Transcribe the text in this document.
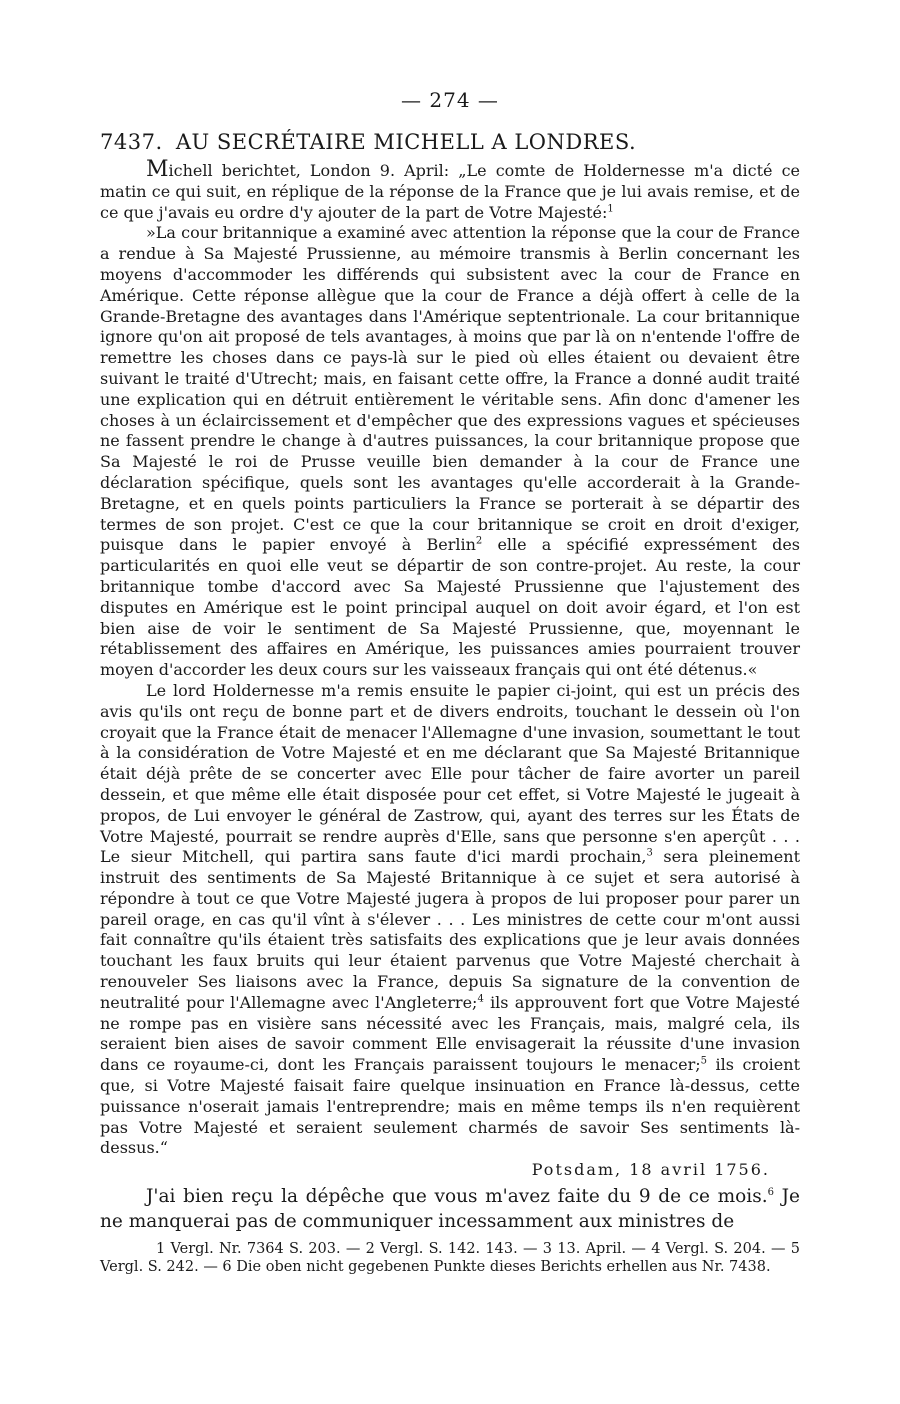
— 274 —
7437. AU SECRÉTAIRE MICHELL A LONDRES.

Michell berichtet, London 9. April: „Le comte de Holdernesse m'a dicté ce matin ce qui suit, en réplique de la réponse de la France que je lui avais remise, et de ce que j'avais eu ordre d'y ajouter de la part de Votre Majesté:$^1$

»La cour britannique a examiné avec attention la réponse que la cour de France a rendue à Sa Majesté Prussienne, au mémoire transmis à Berlin concernant les moyens d'accommoder les différends qui subsistent avec la cour de France en Amérique. Cette réponse allègue que la cour de France a déjà offert à celle de la Grande-Bretagne des avantages dans l'Amérique septentrionale. La cour britannique ignore qu'on ait proposé de tels avantages, à moins que par là on n'entende l'offre de remettre les choses dans ce pays-là sur le pied où elles étaient ou devaient être suivant le traité d'Utrecht; mais, en faisant cette offre, la France a donné audit traité une explication qui en détruit entièrement le véritable sens. Afin donc d'amener les choses à un éclaircissement et d'empêcher que des expressions vagues et spécieuses ne fassent prendre le change à d'autres puissances, la cour britannique propose que Sa Majesté le roi de Prusse veuille bien demander à la cour de France une déclaration spécifique, quels sont les avantages qu'elle accorderait à la Grande-Bretagne, et en quels points particuliers la France se porterait à se départir des termes de son projet. C'est ce que la cour britannique se croit en droit d'exiger, puisque dans le papier envoyé à Berlin$^2$ elle a spécifié expressément des particularités en quoi elle veut se départir de son contre-projet. Au reste, la cour britannique tombe d'accord avec Sa Majesté Prussienne que l'ajustement des disputes en Amérique est le point principal auquel on doit avoir égard, et l'on est bien aise de voir le sentiment de Sa Majesté Prussienne, que, moyennant le rétablissement des affaires en Amérique, les puissances amies pourraient trouver moyen d'accorder les deux cours sur les vaisseaux français qui ont été détenus.«

Le lord Holdernesse m'a remis ensuite le papier ci-joint, qui est un précis des avis qu'ils ont reçu de bonne part et de divers endroits, touchant le dessein où l'on croyait que la France était de menacer l'Allemagne d'une invasion, soumettant le tout à la considération de Votre Majesté et en me déclarant que Sa Majesté Britannique était déjà prête de se concerter avec Elle pour tâcher de faire avorter un pareil dessein, et que même elle était disposée pour cet effet, si Votre Majesté le jugeait à propos, de Lui envoyer le général de Zastrow, qui, ayant des terres sur les États de Votre Majesté, pourrait se rendre auprès d'Elle, sans que personne s'en aperçût . . . Le sieur Mitchell, qui partira sans faute d'ici mardi prochain,$^3$ sera pleinement instruit des sentiments de Sa Majesté Britannique à ce sujet et sera autorisé à répondre à tout ce que Votre Majesté jugera à propos de lui proposer pour parer un pareil orage, en cas qu'il vînt à s'élever . . . Les ministres de cette cour m'ont aussi fait connaître qu'ils étaient très satisfaits des explications que je leur avais données touchant les faux bruits qui leur étaient parvenus que Votre Majesté cherchait à renouveler Ses liaisons avec la France, depuis Sa signature de la convention de neutralité pour l'Allemagne avec l'Angleterre;$^4$ ils approuvent fort que Votre Majesté ne rompe pas en visière sans nécessité avec les Français, mais, malgré cela, ils seraient bien aises de savoir comment Elle envisagerait la réussite d'une invasion dans ce royaume-ci, dont les Français paraissent toujours le menacer;$^5$ ils croient que, si Votre Majesté faisait faire quelque insinuation en France là-dessus, cette puissance n'oserait jamais l'entreprendre; mais en même temps ils n'en requièrent pas Votre Majesté et seraient seulement charmés de savoir Ses sentiments là-dessus.“

Potsdam, 18 avril 1756.

J'ai bien reçu la dépêche que vous m'avez faite du 9 de ce mois.$^6$ Je ne manquerai pas de communiquer incessamment aux ministres de

1 Vergl. Nr. 7364 S. 203. — 2 Vergl. S. 142. 143. — 3 13. April. — 4 Vergl. S. 204. — 5 Vergl. S. 242. — 6 Die oben nicht gegebenen Punkte dieses Berichts erhellen aus Nr. 7438.
